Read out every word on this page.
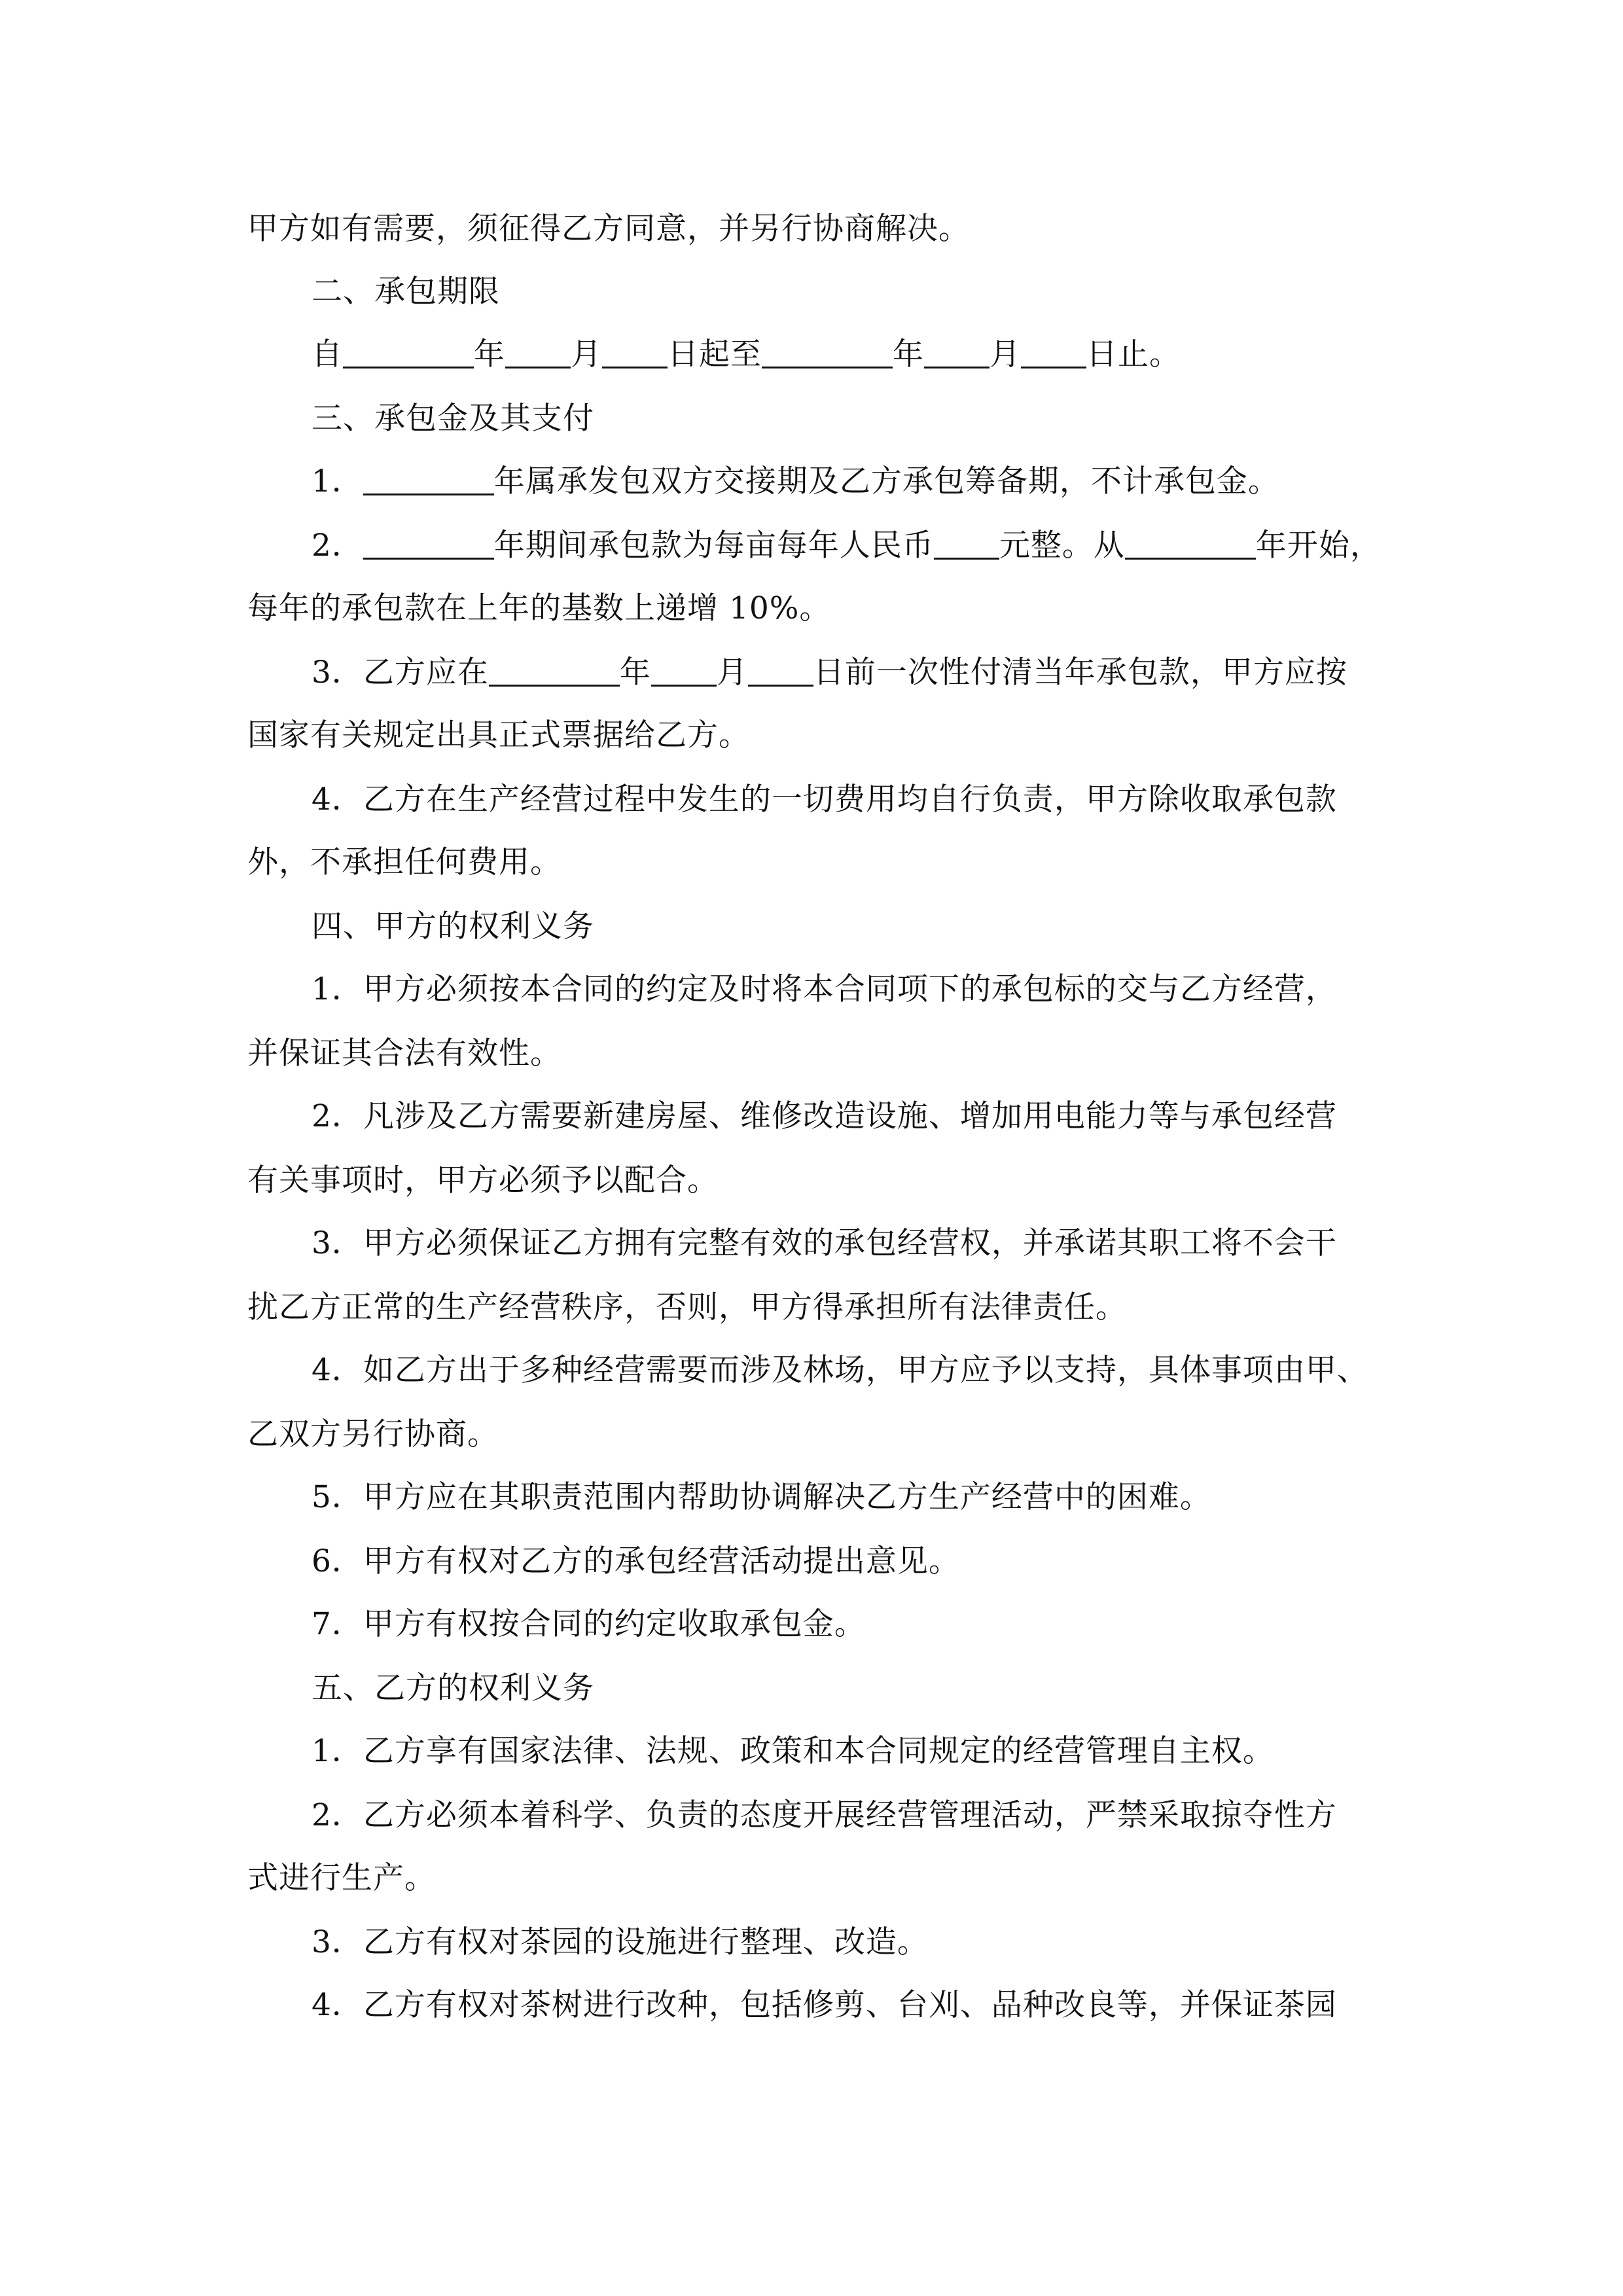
甲方如有需要，须征得乙方同意，并另行协商解决。
二、承包期限
自	年 月 日起至	年 月 日止。
三、承包金及其支付
1．	年属承发包双方交接期及乙方承包筹备期，不计承包金。
2．	年期间承包款为每亩每年人民币 元整。从	年开始，
每年的承包款在上年的基数上递增 10%。
3．乙方应在	年 月 日前一次性付清当年承包款，甲方应按
国家有关规定出具正式票据给乙方。
4．乙方在生产经营过程中发生的一切费用均自行负责，甲方除收取承包款
外，不承担任何费用。
四、甲方的权利义务
1．甲方必须按本合同的约定及时将本合同项下的承包标的交与乙方经营，
并保证其合法有效性。
2．凡涉及乙方需要新建房屋、维修改造设施、增加用电能力等与承包经营
有关事项时，甲方必须予以配合。
3．甲方必须保证乙方拥有完整有效的承包经营权，并承诺其职工将不会干
扰乙方正常的生产经营秩序，否则，甲方得承担所有法律责任。
4．如乙方出于多种经营需要而涉及林场，甲方应予以支持，具体事项由甲、
乙双方另行协商。
5．甲方应在其职责范围内帮助协调解决乙方生产经营中的困难。
6．甲方有权对乙方的承包经营活动提出意见。
7．甲方有权按合同的约定收取承包金。
五、乙方的权利义务
1．乙方享有国家法律、法规、政策和本合同规定的经营管理自主权。
2．乙方必须本着科学、负责的态度开展经营管理活动，严禁采取掠夺性方
式进行生产。
3．乙方有权对茶园的设施进行整理、改造。
4．乙方有权对茶树进行改种，包括修剪、台刈、品种改良等，并保证茶园
